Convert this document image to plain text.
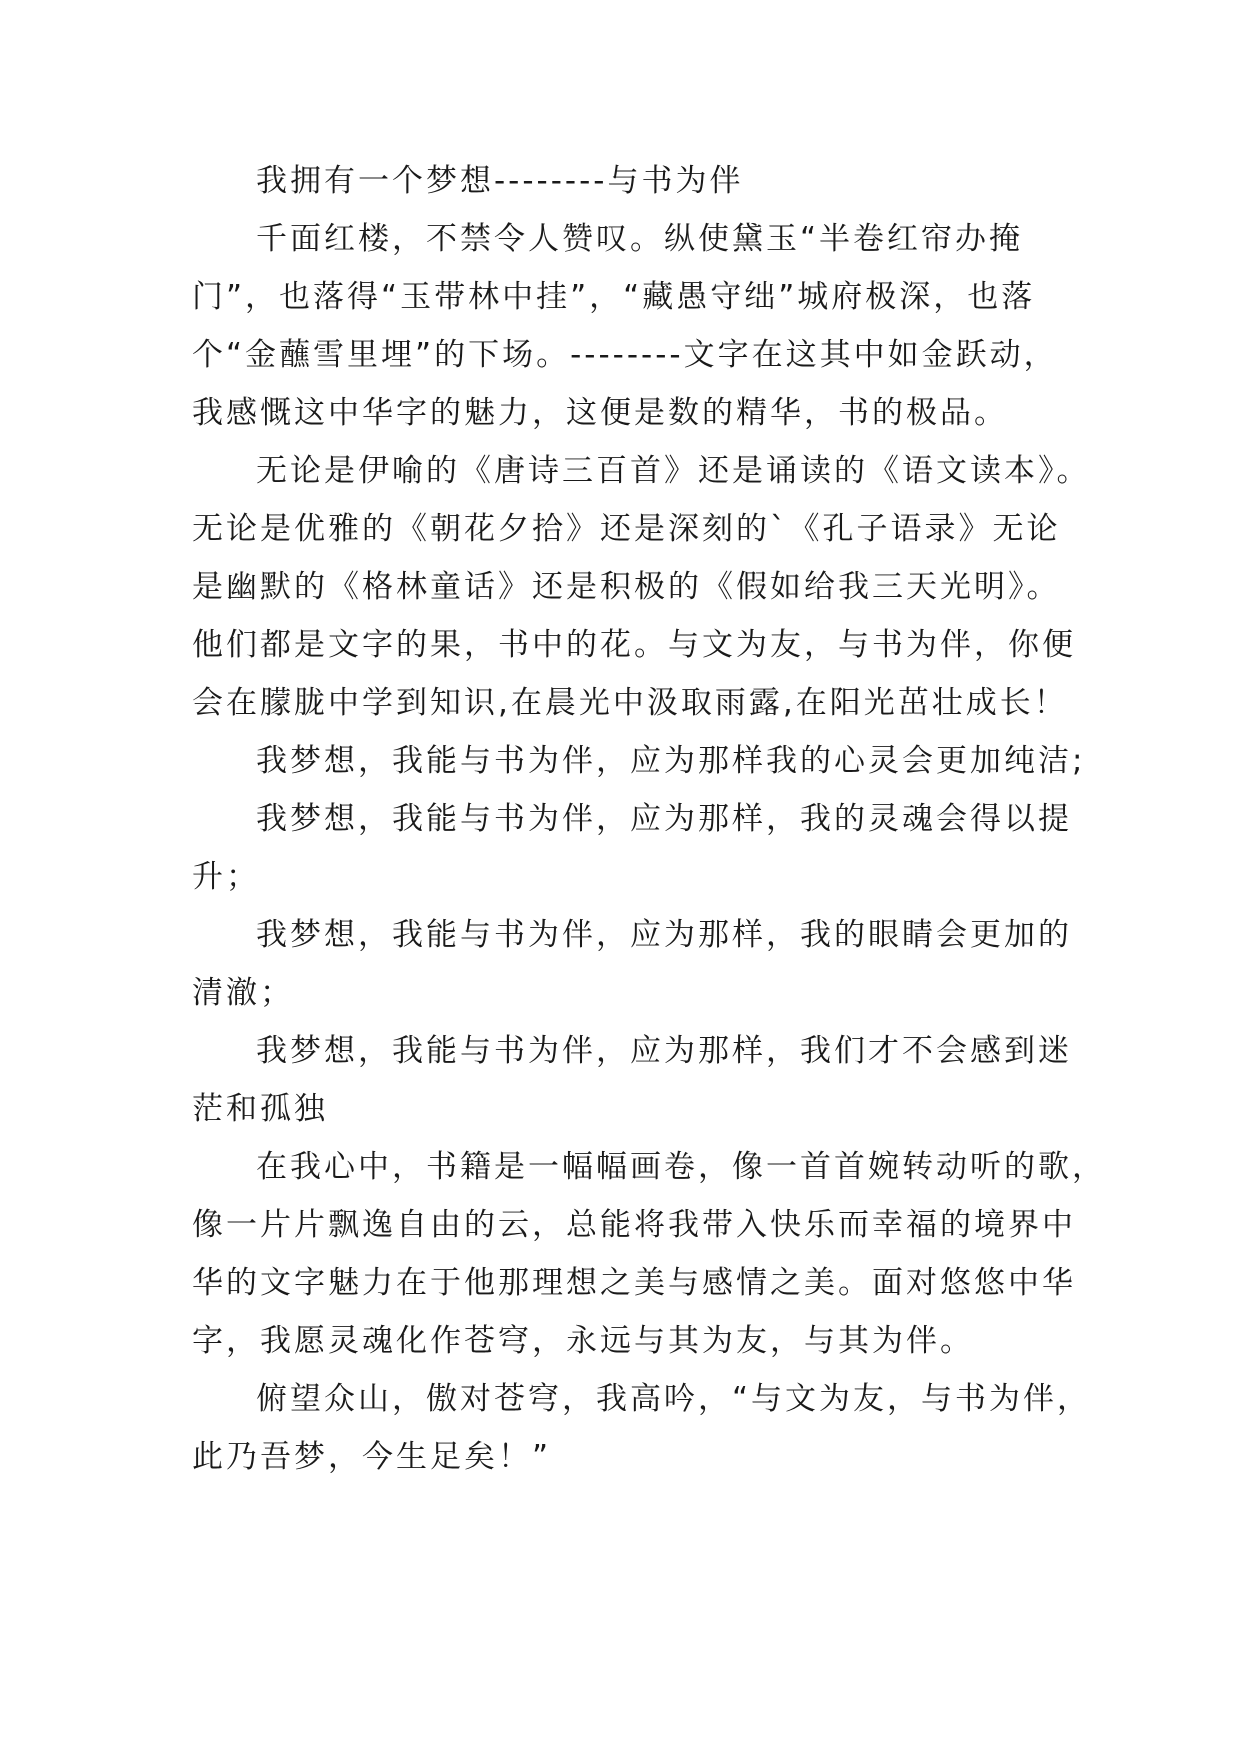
我拥有一个梦想--------与书为伴
千面红楼，不禁令人赞叹。纵使黛玉“半卷红帘办掩
门”，也落得“玉带林中挂”，“藏愚守绌”城府极深，也落
个“金蘸雪里埋”的下场。--------文字在这其中如金跃动，
我感慨这中华字的魅力，这便是数的精华，书的极品。
无论是伊喻的《唐诗三百首》还是诵读的《语文读本》。
无论是优雅的《朝花夕拾》还是深刻的`《孔子语录》无论
是幽默的《格林童话》还是积极的《假如给我三天光明》。
他们都是文字的果，书中的花。与文为友，与书为伴，你便
会在朦胧中学到知识,在晨光中汲取雨露,在阳光茁壮成长！
我梦想，我能与书为伴，应为那样我的心灵会更加纯洁;
我梦想，我能与书为伴，应为那样，我的灵魂会得以提
升；
我梦想，我能与书为伴，应为那样，我的眼睛会更加的
清澈；
我梦想，我能与书为伴，应为那样，我们才不会感到迷
茫和孤独
在我心中，书籍是一幅幅画卷，像一首首婉转动听的歌，
像一片片飘逸自由的云，总能将我带入快乐而幸福的境界中
华的文字魅力在于他那理想之美与感情之美。面对悠悠中华
字，我愿灵魂化作苍穹，永远与其为友，与其为伴。
俯望众山，傲对苍穹，我高吟，“与文为友，与书为伴，
此乃吾梦，今生足矣！”
